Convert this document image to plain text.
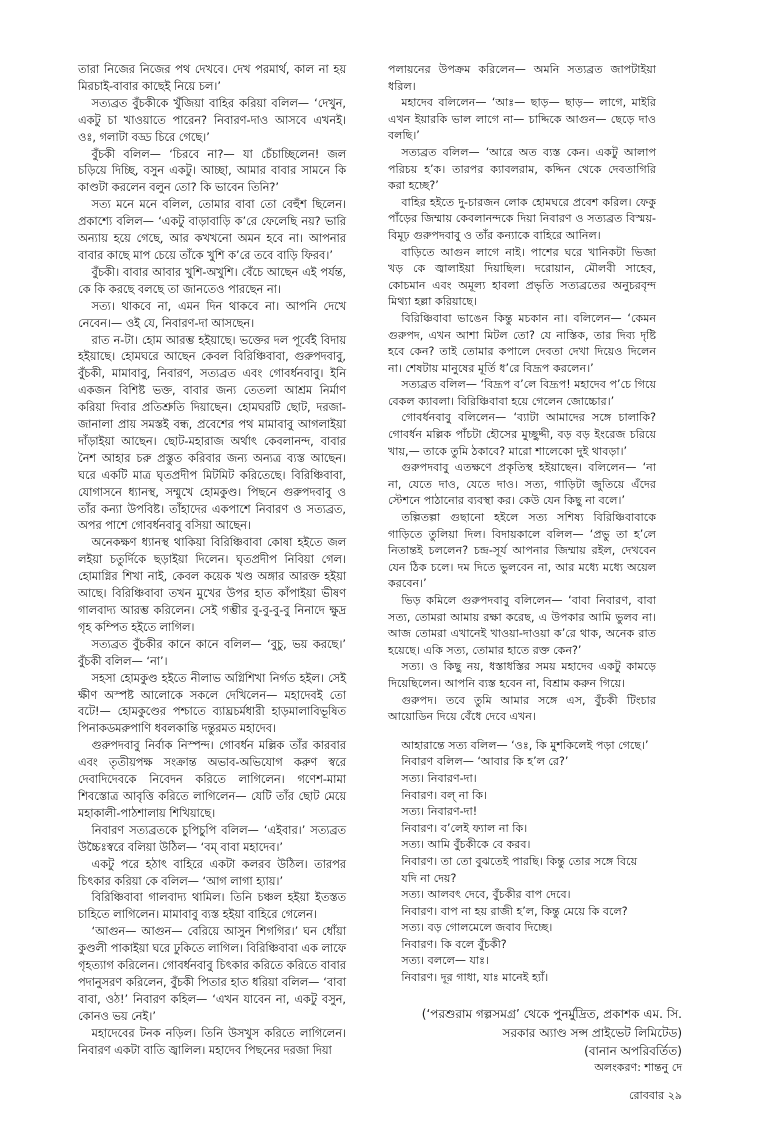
তারা নিজের নিজের পথ দেখবে। দেখ পরমার্থ, কাল না হয় মিরচাই-বাবার কাছেই নিয়ে চল।’

সত্যব্রত বুঁচকীকে খুঁজিয়া বাহির করিয়া বলিল— ‘দেখুন, একটু চা খাওয়াতে পারেন? নিবারণ-দাও আসবে এখনই। ওঃ, গলাটা বড্ড চিরে গেছে।’

বুঁচকী বলিল— ‘চিরবে না?— যা চেঁচাচ্ছিলেন! জল চড়িয়ে দিচ্ছি, বসুন একটু। আচ্ছা, আমার বাবার সামনে কি কাণ্ডটা করলেন বলুন তো? কি ভাবেন তিনি?’

সত্য মনে মনে বলিল, তোমার বাবা তো বেহুঁশ ছিলেন। প্রকাশ্যে বলিল— ‘একটু বাড়াবাড়ি ক’রে ফেলেছি নয়? ভারি অন্যায় হয়ে গেছে, আর কখখনো অমন হবে না। আপনার বাবার কাছে মাপ চেয়ে তাঁকে খুশি ক’রে তবে বাড়ি ফিরব।’

বুঁচকী। বাবার আবার খুশি-অখুশি। বেঁচে আছেন এই পর্যন্ত, কে কি করছে বলছে তা জানতেও পারছেন না।

সত্য। থাকবে না, এমন দিন থাকবে না। আপনি দেখে নেবেন।— ওই যে, নিবারণ-দা আসছেন।

রাত ন-টা। হোম আরম্ভ হইয়াছে। ভক্তের দল পূর্বেই বিদায় হইয়াছে। হোমঘরে আছেন কেবল বিরিঞ্চিবাবা, গুরুপদবাবু, বুঁচকী, মামাবাবু, নিবারণ, সত্যব্রত এবং গোবর্ধনবাবু। ইনি একজন বিশিষ্ট ভক্ত, বাবার জন্য তেতলা আশ্রম নির্মাণ করিয়া দিবার প্রতিশ্রুতি দিয়াছেন। হোমঘরটি ছোট, দরজা-জানালা প্রায় সমস্তই বন্ধ, প্রবেশের পথ মামাবাবু আগলাইয়া দাঁড়াইয়া আছেন। ছোট-মহারাজ অর্থাৎ কেবলানন্দ, বাবার নৈশ আহার চরু প্রস্তুত করিবার জন্য অন্যত্র ব্যস্ত আছেন। ঘরে একটি মাত্র ঘৃতপ্রদীপ মিটমিট করিতেছে। বিরিঞ্চিবাবা, যোগাসনে ধ্যানস্থ, সম্মুখে হোমকুণ্ড। পিছনে গুরুপদবাবু ও তাঁর কন্যা উপবিষ্ট। তাঁহাদের একপাশে নিবারণ ও সত্যব্রত, অপর পাশে গোবর্ধনবাবু বসিয়া আছেন।

অনেকক্ষণ ধ্যানস্থ থাকিয়া বিরিঞ্চিবাবা কোষা হইতে জল লইয়া চতুর্দিকে ছড়াইয়া দিলেন। ঘৃতপ্রদীপ নিবিয়া গেল। হোমাগ্নির শিখা নাই, কেবল কয়েক খণ্ড অঙ্গার আরক্ত হইয়া আছে। বিরিঞ্চিবাবা তখন মুখের উপর হাত কাঁপাইয়া ভীষণ গালবাদ্য আরম্ভ করিলেন। সেই গম্ভীর বু-বু-বু-বু নিনাদে ক্ষুদ্র গৃহ কম্পিত হইতে লাগিল।

সত্যব্রত বুঁচকীর কানে কানে বলিল— ‘বুচু, ভয় করছে।’ বুঁচকী বলিল— ‘না’।

সহসা হোমকুণ্ড হইতে নীলাভ অগ্নিশিখা নির্গত হইল। সেই ক্ষীণ অস্পষ্ট আলোকে সকলে দেখিলেন— মহাদেবই তো বটে!— হোমকুণ্ডের পশ্চাতে ব্যাঘ্রচর্মধারী হাড়মালাবিভূষিত পিনাকডমরুপাণি ধবলকান্তি দন্তুরমত মহাদেব।

গুরুপদবাবু নির্বাক নিস্পন্দ। গোবর্ধন মল্লিক তাঁর কারবার এবং তৃতীয়পক্ষ সংক্রান্ত অভাব-অভিযোগ করুণ স্বরে দেবাদিদেবকে নিবেদন করিতে লাগিলেন। গণেশ-মামা শিবস্তোত্র আবৃত্তি করিতে লাগিলেন— যেটি তাঁর ছোট মেয়ে মহাকালী-পাঠশালায় শিখিয়াছে।

নিবারণ সত্যব্রতকে চুপিচুপি বলিল— ‘এইবার।’ সত্যব্রত উচ্চৈঃস্বরে বলিয়া উঠিল— ‘বম্ বাবা মহাদেব।’

একটু পরে হঠাৎ বাহিরে একটা কলরব উঠিল। তারপর চিৎকার করিয়া কে বলিল— ‘আগ লাগা হ্যায়।’

বিরিঞ্চিবাবা গালবাদ্য থামিল। তিনি চঞ্চল হইয়া ইতস্তত চাহিতে লাগিলেন। মামাবাবু ব্যস্ত হইয়া বাহিরে গেলেন।

‘আগুন— আগুন— বেরিয়ে আসুন শিগগির।’ ঘন ধোঁয়া কুণ্ডলী পাকাইয়া ঘরে ঢুকিতে লাগিল। বিরিঞ্চিবাবা এক লাফে গৃহত্যাগ করিলেন। গোবর্ধনবাবু চিৎকার করিতে করিতে বাবার পদানুসরণ করিলেন, বুঁচকী পিতার হাত ধরিয়া বলিল— ‘বাবা বাবা, ওঠ!’ নিবারণ কহিল— ‘এখন যাবেন না, একটু বসুন, কোনও ভয় নেই।’

মহাদেবের টনক নড়িল। তিনি উসখুস করিতে লাগিলেন। নিবারণ একটা বাতি জ্বালিল। মহাদেব পিছনের দরজা দিয়া

পলায়নের উপক্রম করিলেন— অমনি সত্যব্রত জাপটাইয়া ধরিল।

মহাদেব বলিলেন— ‘আঃ— ছাড়— ছাড়— লাগে, মাইরি এখন ইয়ারকি ভাল লাগে না— চাদ্দিকে আগুন— ছেড়ে দাও বলছি।’

সত্যব্রত বলিল— ‘আরে অত ব্যস্ত কেন। একটু আলাপ পরিচয় হ’ক। তারপর ক্যাবলরাম, কদ্দিন থেকে দেবতাগিরি করা হচ্ছে?’

বাহির হইতে দু-চারজন লোক হোমঘরে প্রবেশ করিল। ফেকু পাঁড়ের জিম্মায় কেবলানন্দকে দিয়া নিবারণ ও সত্যব্রত বিস্ময়-বিমূঢ় গুরুপদবাবু ও তাঁর কন্যাকে বাহিরে আনিল।

বাড়িতে আগুন লাগে নাই। পাশের ঘরে খানিকটা ভিজা খড় কে জ্বালাইয়া দিয়াছিল। দরোয়ান, মৌলবী সাহেব, কোচমান এবং অমূল্য হাবলা প্রভৃতি সত্যব্রতের অনুচরবৃন্দ মিথ্যা হল্লা করিয়াছে।

বিরিঞ্চিবাবা ভাঙেন কিন্তু মচকান না। বলিলেন— ‘কেমন গুরুপদ, এখন আশা মিটল তো? যে নাস্তিক, তার দিব্য দৃষ্টি হবে কেন? তাই তোমার কপালে দেবতা দেখা দিয়েও দিলেন না। শেষটায় মানুষের মূর্তি ধ’রে বিদ্রূপ করলেন।’

সত্যব্রত বলিল— ‘বিদ্রূপ ব’লে বিদ্রূপ! মহাদেব প’চে গিয়ে বেকল ক্যাবলা। বিরিঞ্চিবাবা হয়ে গেলেন জোচ্চোর।’

গোবর্ধনবাবু বলিলেন— ‘ব্যাটা আমাদের সঙ্গে চালাকি? গোবর্ধন মল্লিক পাঁচটা হৌসের মুচ্ছুদ্দী, বড় বড় ইংরেজ চরিয়ে খায়,— তাকে তুমি ঠকাবে? মারো শালেকো দুই থাবড়া।’

গুরুপদবাবু এতক্ষণে প্রকৃতিস্থ হইয়াছেন। বলিলেন— ‘না না, যেতে দাও, যেতে দাও। সত্য, গাড়িটা জুতিয়ে এঁদের স্টেশনে পাঠানোর ব্যবস্থা কর। কেউ যেন কিছু না বলে।’

তল্পিতল্পা গুছানো হইলে সত্য সশিষ্য বিরিঞ্চিবাবাকে গাড়িতে তুলিয়া দিল। বিদায়কালে বলিল— ‘প্রভু তা হ’লে নিতান্তই চললেন? চন্দ্র-সূর্য আপনার জিম্মায় রইল, দেখবেন যেন ঠিক চলে। দম দিতে ভুলবেন না, আর মধ্যে মধ্যে অয়েল করবেন।’

ভিড় কমিলে গুরুপদবাবু বলিলেন— ‘বাবা নিবারণ, বাবা সত্য, তোমরা আমায় রক্ষা করেছ, এ উপকার আমি ভুলব না। আজ তোমরা এখানেই খাওয়া-দাওয়া ক’রে থাক, অনেক রাত হয়েছে। একি সত্য, তোমার হাতে রক্ত কেন?’

সত্য। ও কিছু নয়, ধস্তাধস্তির সময় মহাদেব একটু কামড়ে দিয়েছিলেন। আপনি ব্যস্ত হবেন না, বিশ্রাম করুন গিয়ে।

গুরুপদ। তবে তুমি আমার সঙ্গে এস, বুঁচকী টিংচার আয়োডিন দিয়ে বেঁধে দেবে এখন।

আহারান্তে সত্য বলিল— ‘ওঃ, কি মুশকিলেই পড়া গেছে।’

নিবারণ বলিল— ‘আবার কি হ’ল রে?’

সত্য। নিবারণ-দা।

নিবারণ। বল্ না কি।

সত্য। নিবারণ-দা!

নিবারণ। ব’লেই ফ্যাল না কি।

সত্য। আমি বুঁচকীকে বে করব।

নিবারণ। তা তো বুঝতেই পারছি। কিন্তু তোর সঙ্গে বিয়ে যদি না দেয়?

সত্য। আলবৎ দেবে, বুঁচকীর বাপ দেবে।

নিবারণ। বাপ না হয় রাজী হ’ল, কিন্তু মেয়ে কি বলে?

সত্য। বড় গোলমেলে জবাব দিচ্ছে।

নিবারণ। কি বলে বুঁচকী?

সত্য। বললে— যাঃ।

নিবারণ। দূর গাধা, যাঃ মানেই হ্যাঁ।

(‘পরশুরাম গল্পসমগ্র’ থেকে পুনর্মুদ্রিত, প্রকাশক এম. সি.
সরকার অ্যাণ্ড সন্স প্রাইভেট লিমিটেড)
(বানান অপরিবর্তিত)
অলংকরণ: শান্তনু দে
রোববার ২৯
